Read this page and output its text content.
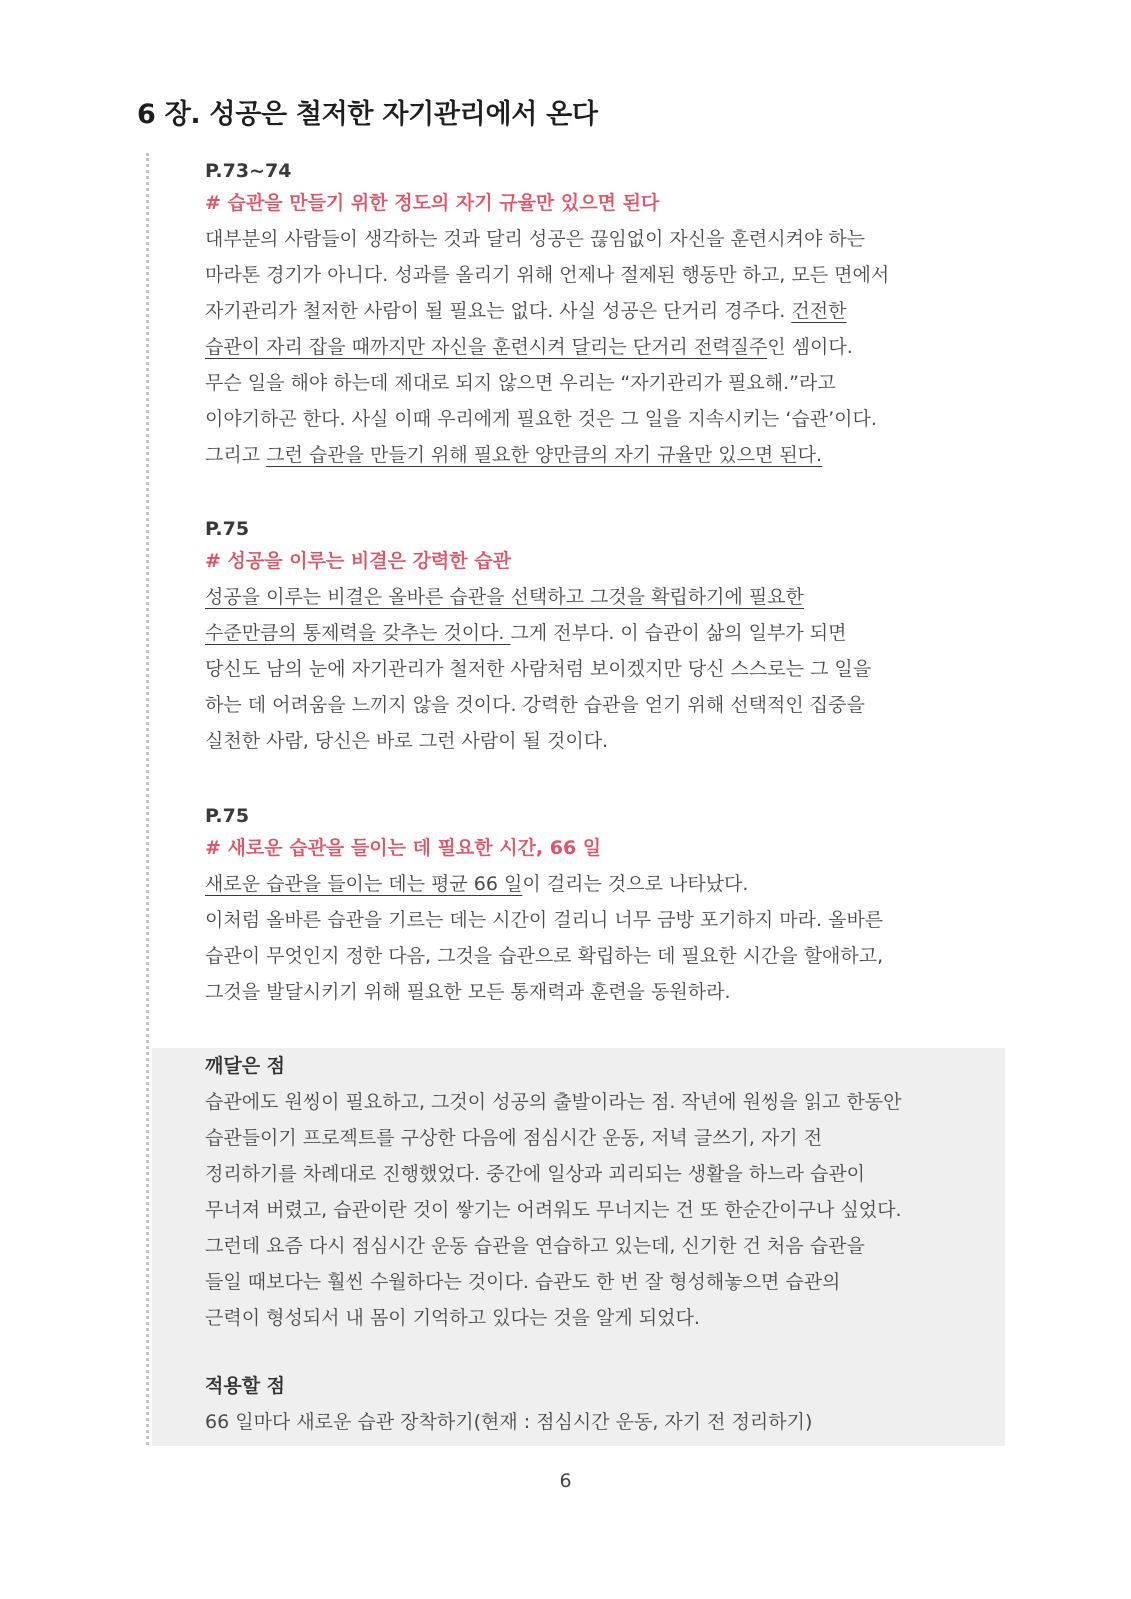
6 장. 성공은 철저한 자기관리에서 온다
P.73~74
# 습관을 만들기 위한 정도의 자기 규율만 있으면 된다
대부분의 사람들이 생각하는 것과 달리 성공은 끊임없이 자신을 훈련시켜야 하는
마라톤 경기가 아니다. 성과를 올리기 위해 언제나 절제된 행동만 하고, 모든 면에서
자기관리가 철저한 사람이 될 필요는 없다. 사실 성공은 단거리 경주다. 건전한
습관이 자리 잡을 때까지만 자신을 훈련시켜 달리는 단거리 전력질주인 셈이다.
무슨 일을 해야 하는데 제대로 되지 않으면 우리는 “자기관리가 필요해.”라고
이야기하곤 한다. 사실 이때 우리에게 필요한 것은 그 일을 지속시키는 ‘습관’이다.
그리고 그런 습관을 만들기 위해 필요한 양만큼의 자기 규율만 있으면 된다.
P.75
# 성공을 이루는 비결은 강력한 습관
성공을 이루는 비결은 올바른 습관을 선택하고 그것을 확립하기에 필요한
수준만큼의 통제력을 갖추는 것이다. 그게 전부다. 이 습관이 삶의 일부가 되면
당신도 남의 눈에 자기관리가 철저한 사람처럼 보이겠지만 당신 스스로는 그 일을
하는 데 어려움을 느끼지 않을 것이다. 강력한 습관을 얻기 위해 선택적인 집중을
실천한 사람, 당신은 바로 그런 사람이 될 것이다.
P.75
# 새로운 습관을 들이는 데 필요한 시간, 66 일
새로운 습관을 들이는 데는 평균 66 일이 걸리는 것으로 나타났다.
이처럼 올바른 습관을 기르는 데는 시간이 걸리니 너무 금방 포기하지 마라. 올바른
습관이 무엇인지 정한 다음, 그것을 습관으로 확립하는 데 필요한 시간을 할애하고,
그것을 발달시키기 위해 필요한 모든 통재력과 훈련을 동원하라.
깨달은 점
습관에도 원씽이 필요하고, 그것이 성공의 출발이라는 점. 작년에 원씽을 읽고 한동안
습관들이기 프로젝트를 구상한 다음에 점심시간 운동, 저녁 글쓰기, 자기 전
정리하기를 차례대로 진행했었다. 중간에 일상과 괴리되는 생활을 하느라 습관이
무너져 버렸고, 습관이란 것이 쌓기는 어려워도 무너지는 건 또 한순간이구나 싶었다.
그런데 요즘 다시 점심시간 운동 습관을 연습하고 있는데, 신기한 건 처음 습관을
들일 때보다는 훨씬 수월하다는 것이다. 습관도 한 번 잘 형성해놓으면 습관의
근력이 형성되서 내 몸이 기억하고 있다는 것을 알게 되었다.
적용할 점
66 일마다 새로운 습관 장착하기(현재 : 점심시간 운동, 자기 전 정리하기)
6
